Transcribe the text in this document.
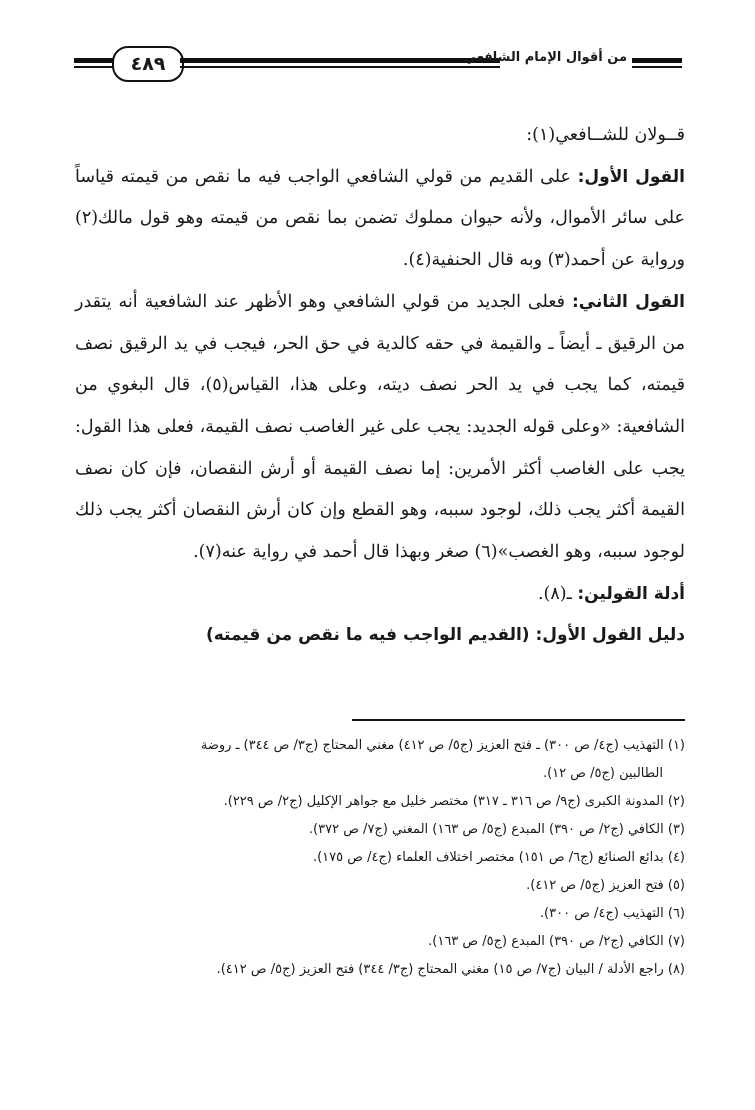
٤٨٩	من أقوال الإمام الشافعي

قــولان للشــافعي(١):

القول الأول: على القديم من قولي الشافعي الواجب فيه ما نقص من قيمته قياساً على سائر الأموال، ولأنه حيوان مملوك تضمن بما نقص من قيمته وهو قول مالك(٢) ورواية عن أحمد(٣) وبه قال الحنفية(٤).

القول الثاني: فعلى الجديد من قولي الشافعي وهو الأظهر عند الشافعية أنه يتقدر من الرقيق ـ أيضاً ـ والقيمة في حقه كالدية في حق الحر، فيجب في يد الرقيق نصف قيمته، كما يجب في يد الحر نصف ديته، وعلى هذا، القياس(٥)، قال البغوي من الشافعية: «وعلى قوله الجديد: يجب على غير الغاصب نصف القيمة، فعلى هذا القول: يجب على الغاصب أكثر الأمرين: إما نصف القيمة أو أرش النقصان، فإن كان نصف القيمة أكثر يجب ذلك، لوجود سببه، وهو القطع وإن كان أرش النقصان أكثر يجب ذلك لوجود سببه، وهو الغصب»(٦) صغر وبهذا قال أحمد في رواية عنه(٧).

أدلة القولين: ـ(٨).

دليل القول الأول: (القديم الواجب فيه ما نقص من قيمته)

(١) التهذيب (ج٤/ ص ٣٠٠) ـ فتح العزيز (ج٥/ ص ٤١٢) مغني المحتاج (ج٣/ ص ٣٤٤) ـ روضة
الطالبين (ج٥/ ص ١٢).
(٢) المدونة الكبرى (ج٩/ ص ٣١٦ ـ ٣١٧) مختصر خليل مع جواهر الإكليل (ج٢/ ص ٢٢٩).
(٣) الكافي (ج٢/ ص ٣٩٠) المبدع (ج٥/ ص ١٦٣) المغني (ج٧/ ص ٣٧٢).
(٤) بدائع الصنائع (ج٦/ ص ١٥١) مختصر اختلاف العلماء (ج٤/ ص ١٧٥).
(٥) فتح العزيز (ج٥/ ص ٤١٢).
(٦) التهذيب (ج٤/ ص ٣٠٠).
(٧) الكافي (ج٢/ ص ٣٩٠) المبدع (ج٥/ ص ١٦٣).
(٨) راجع الأدلة / البيان (ج٧/ ص ١٥) مغني المحتاج (ج٣/ ٣٤٤) فتح العزيز (ج٥/ ص ٤١٢).
